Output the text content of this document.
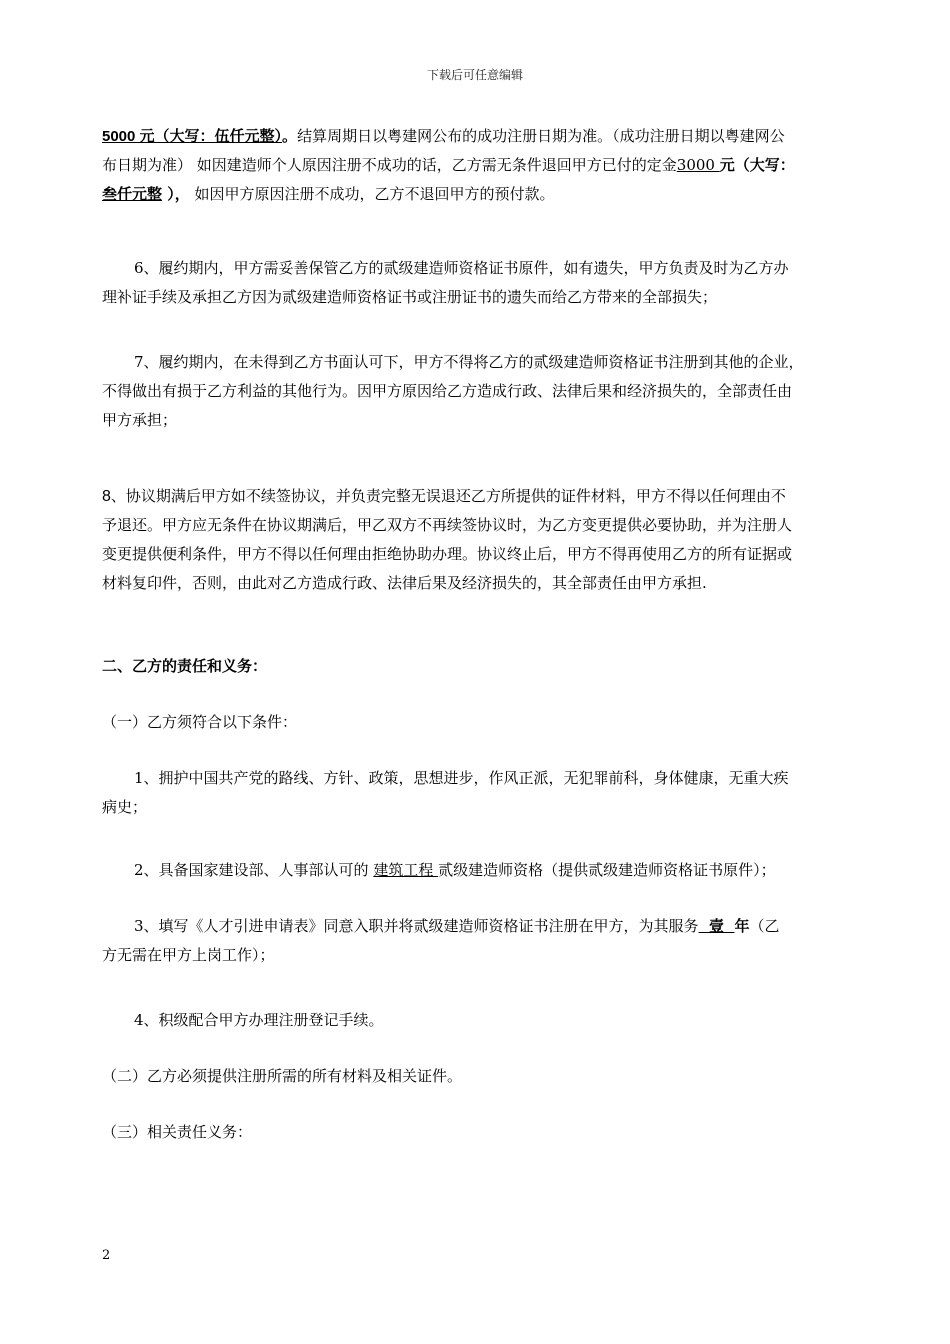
下载后可任意编辑
5000 元（大写：伍仟元整）。结算周期日以粤建网公布的成功注册日期为准。（成功注册日期以粤建网公
布日期为准） 如因建造师个人原因注册不成功的话，乙方需无条件退回甲方已付的定金3000 元（大写：
叁仟元整 ）， 如因甲方原因注册不成功，乙方不退回甲方的预付款。
6、履约期内，甲方需妥善保管乙方的贰级建造师资格证书原件，如有遗失，甲方负责及时为乙方办
理补证手续及承担乙方因为贰级建造师资格证书或注册证书的遗失而给乙方带来的全部损失；
7、履约期内，在未得到乙方书面认可下，甲方不得将乙方的贰级建造师资格证书注册到其他的企业，
不得做出有损于乙方利益的其他行为。因甲方原因给乙方造成行政、法律后果和经济损失的，全部责任由
甲方承担；
8、协议期满后甲方如不续签协议，并负责完整无误退还乙方所提供的证件材料，甲方不得以任何理由不
予退还。甲方应无条件在协议期满后，甲乙双方不再续签协议时，为乙方变更提供必要协助，并为注册人
变更提供便利条件，甲方不得以任何理由拒绝协助办理。协议终止后，甲方不得再使用乙方的所有证据或
材料复印件，否则，由此对乙方造成行政、法律后果及经济损失的，其全部责任由甲方承担.
二、乙方的责任和义务：
（一）乙方须符合以下条件：
1、拥护中国共产党的路线、方针、政策，思想进步，作风正派，无犯罪前科，身体健康，无重大疾
病史；
2、具备国家建设部、人事部认可的 建筑工程 贰级建造师资格（提供贰级建造师资格证书原件）；
3、填写《人才引进申请表》同意入职并将贰级建造师资格证书注册在甲方，为其服务  壹  年（乙
方无需在甲方上岗工作）；
4、积级配合甲方办理注册登记手续。
（二）乙方必须提供注册所需的所有材料及相关证件。
（三）相关责任义务：
2
